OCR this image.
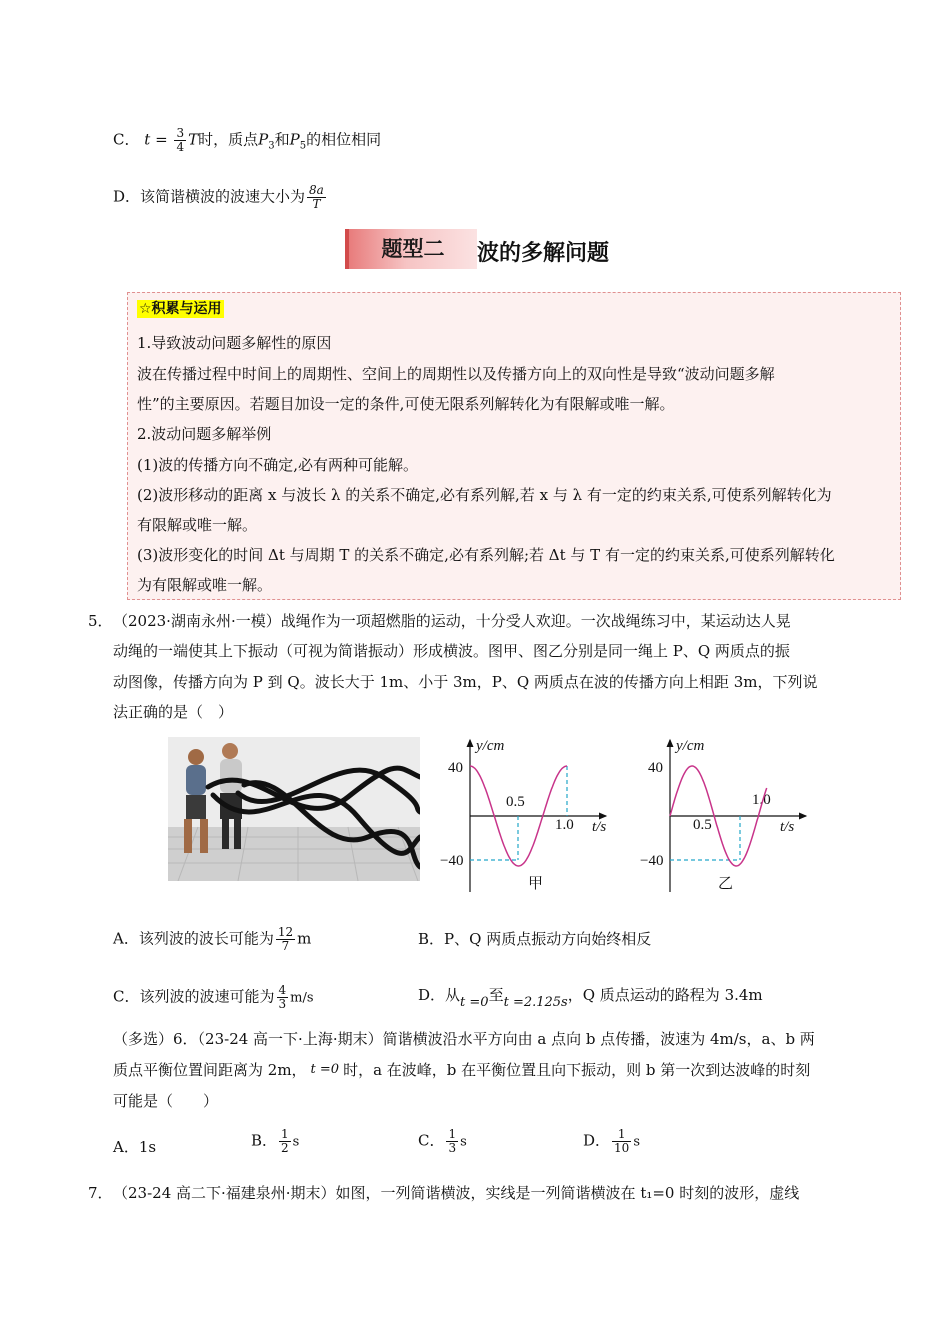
C． $t = \frac{3}{4}$ T时，质点$P_3$和$P_5$的相位相同
D．该简谐横波的波速大小为 $\frac{8a}{T}$
题型二	波的多解问题
☆积累与运用
1.导致波动问题多解性的原因
波在传播过程中时间上的周期性、空间上的周期性以及传播方向上的双向性是导致“波动问题多解
性”的主要原因。若题目加设一定的条件,可使无限系列解转化为有限解或唯一解。
2.波动问题多解举例
(1)波的传播方向不确定,必有两种可能解。
(2)波形移动的距离 x 与波长 λ 的关系不确定,必有系列解,若 x 与 λ 有一定的约束关系,可使系列解转化为
有限解或唯一解。
(3)波形变化的时间 Δt 与周期 T 的关系不确定,必有系列解;若 Δt 与 T 有一定的约束关系,可使系列解转化
为有限解或唯一解。
5． （2023·湖南永州·一模）战绳作为一项超燃脂的运动，十分受人欢迎。一次战绳练习中，某运动达人晃
动绳的一端使其上下振动（可视为简谐振动）形成横波。图甲、图乙分别是同一绳上 P、Q 两质点的振
动图像，传播方向为 P 到 Q。波长大于 1m、小于 3m，P、Q 两质点在波的传播方向上相距 3m，下列说
法正确的是（　）
y/cm
t/s
40
−40
0.5
1.0
甲
y/cm
t/s
40
−40
0.5
1.0
乙
A．该列波的波长可能为 $\frac{12}{7}$ m	B．P、Q 两质点振动方向始终相反
C．该列波的波速可能为 $\frac{4}{3} m/s$	D．从t =0至t =2.125s，Q 质点运动的路程为 3.4m
（多选）6．（23-24 高一下·上海·期末）简谐横波沿水平方向由 a 点向 b 点传播，波速为 4m/s，a、b 两
质点平衡位置间距离为 2m， t =0 时，a 在波峰，b 在平衡位置且向下振动，则 b 第一次到达波峰的时刻
可能是（　　）
A．1s	B． $\frac{1}{2}$ s	C． $\frac{1}{3}$ s	D． $\frac{1}{10}$ s
7． （23-24 高二下·福建泉州·期末）如图，一列简谐横波，实线是一列简谐横波在 t₁=0 时刻的波形，虚线
